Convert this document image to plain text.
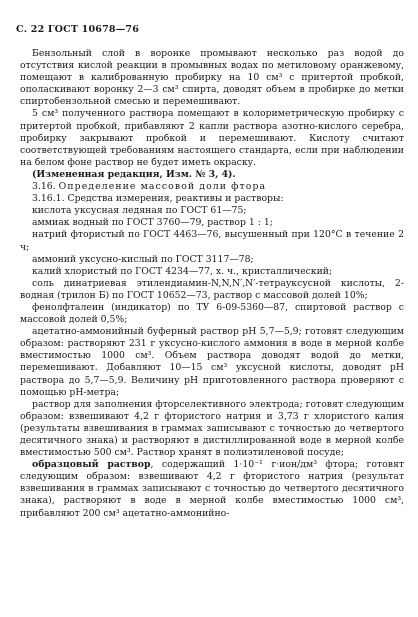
С. 22 ГОСТ 10678—76

Бензольный слой в воронке промывают несколько раз водой до отсутствия кислой реакции в промывных водах по метиловому оранжевому, помещают в калиброванную пробирку на 10 см³ с притертой пробкой, ополаскивают воронку 2—3 см³ спирта, доводят объем в пробирке до метки спиртобензольной смесью и перемешивают.

5 см³ полученного раствора помещают в колориметрическую пробирку с притертой пробкой, прибавляют 2 капли раствора азотно-кислого серебра, пробирку закрывают пробкой и перемешивают. Кислоту считают соответствующей требованиям настоящего стандарта, если при наблюдении на белом фоне раствор не будет иметь окраску.

(Измененная редакция, Изм. № 3, 4).

3.16. Определение массовой доли фтора

3.16.1. Средства измерения, реактивы и растворы:

кислота уксусная ледяная по ГОСТ 61—75;

аммиак водный по ГОСТ 3760—79, раствор 1 : 1;

натрий фтористый по ГОСТ 4463—76, высушенный при 120°С в течение 2 ч;

аммоний уксусно-кислый по ГОСТ 3117—78;

калий хлористый по ГОСТ 4234—77, х. ч., кристаллический;

соль динатриевая этилендиамин-N,N,N′,N′-тетрауксусной кислоты, 2-водная (трилон Б) по ГОСТ 10652—73, раствор с массовой долей 10%;

фенолфталеин (индикатор) по ТУ 6-09-5360—87, спиртовой раствор с массовой долей 0,5%;

ацетатно-аммонийный буферный раствор pH 5,7—5,9; готовят следующим образом: растворяют 231 г уксусно-кислого аммония в воде в мерной колбе вместимостью 1000 см³. Объем раствора доводят водой до метки, перемешивают. Добавляют 10—15 см³ уксусной кислоты, доводят pH раствора до 5,7—5,9. Величину pH приготовленного раствора проверяют с помощью pH-метра;

раствор для заполнения фторселективного электрода; готовят следующим образом: взвешивают 4,2 г фтористого натрия и 3,73 г хлористого калия (результаты взвешивания в граммах записывают с точностью до четвертого десятичного знака) и растворяют в дистиллированной воде в мерной колбе вместимостью 500 см³. Раствор хранят в полиэтиленовой посуде;

образцовый раствор, содержащий 1·10⁻¹ г·ион/дм³ фтора; готовят следующим образом: взвешивают 4,2 г фтористого натрия (результат взвешивания в граммах записывают с точностью до четвертого десятичного знака), растворяют в воде в мерной колбе вместимостью 1000 см³, прибавляют 200 см³ ацетатно-аммонийно-
